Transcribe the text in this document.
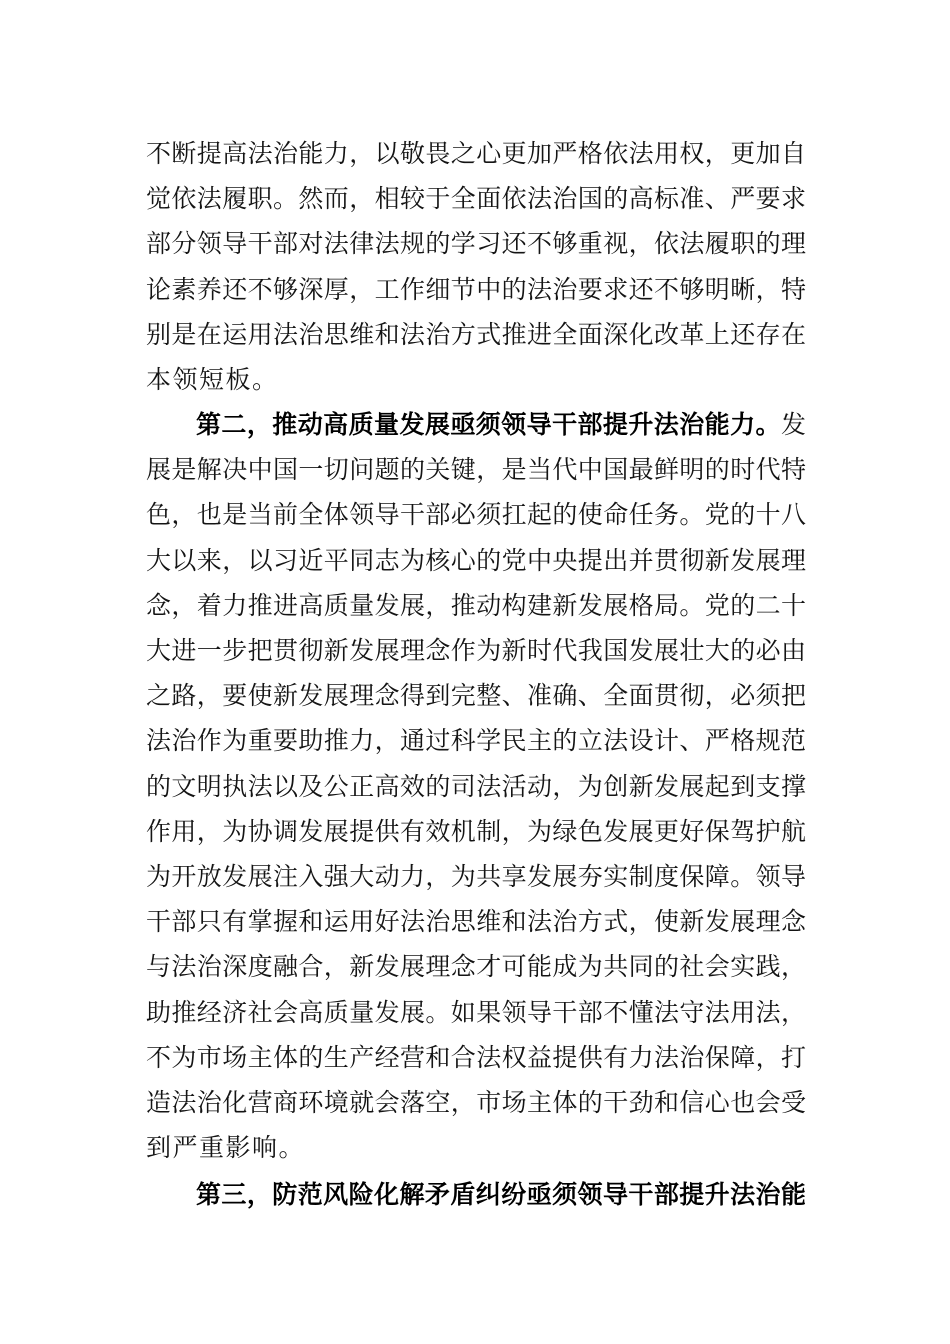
不断提高法治能力，以敬畏之心更加严格依法用权，更加自
觉依法履职。然而，相较于全面依法治国的高标准、严要求
部分领导干部对法律法规的学习还不够重视，依法履职的理
论素养还不够深厚，工作细节中的法治要求还不够明晰，特
别是在运用法治思维和法治方式推进全面深化改革上还存在
本领短板。
第二，推动高质量发展亟须领导干部提升法治能力。发
展是解决中国一切问题的关键，是当代中国最鲜明的时代特
色，也是当前全体领导干部必须扛起的使命任务。党的十八
大以来，以习近平同志为核心的党中央提出并贯彻新发展理
念，着力推进高质量发展，推动构建新发展格局。党的二十
大进一步把贯彻新发展理念作为新时代我国发展壮大的必由
之路，要使新发展理念得到完整、准确、全面贯彻，必须把
法治作为重要助推力，通过科学民主的立法设计、严格规范
的文明执法以及公正高效的司法活动，为创新发展起到支撑
作用，为协调发展提供有效机制，为绿色发展更好保驾护航
为开放发展注入强大动力，为共享发展夯实制度保障。领导
干部只有掌握和运用好法治思维和法治方式，使新发展理念
与法治深度融合，新发展理念才可能成为共同的社会实践，
助推经济社会高质量发展。如果领导干部不懂法守法用法，
不为市场主体的生产经营和合法权益提供有力法治保障，打
造法治化营商环境就会落空，市场主体的干劲和信心也会受
到严重影响。
第三，防范风险化解矛盾纠纷亟须领导干部提升法治能
